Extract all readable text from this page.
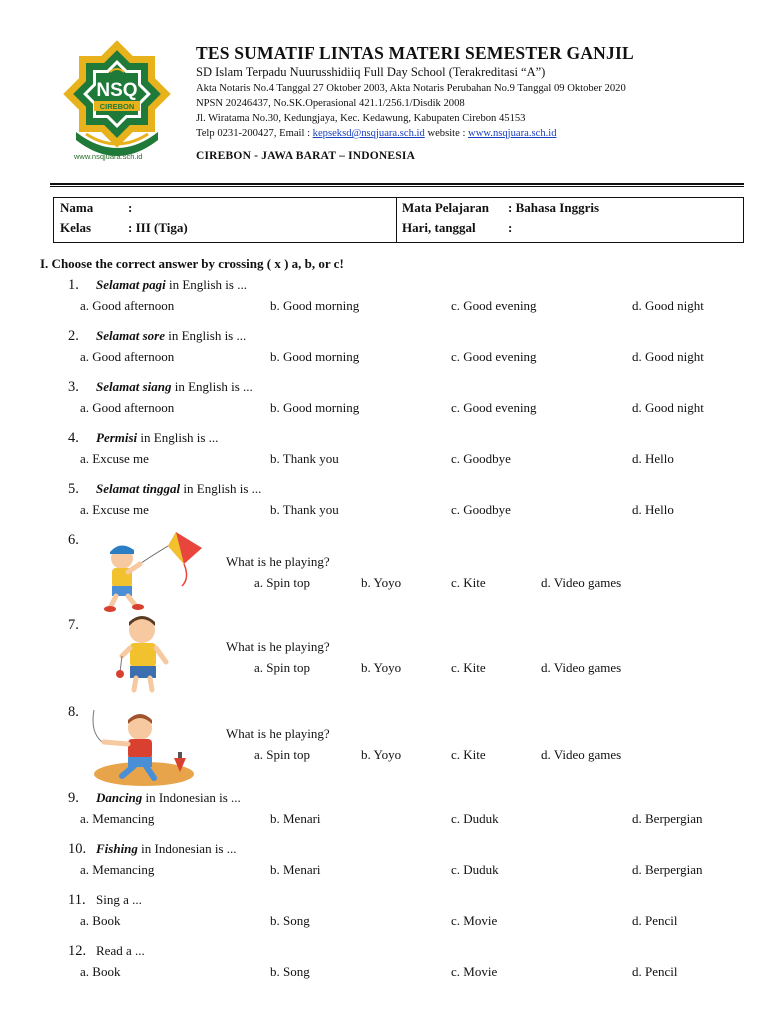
NSQ
CIREBON
www.nsqjuara.sch.id
TES SUMATIF LINTAS MATERI SEMESTER GANJIL
SD Islam Terpadu Nuurusshidiiq Full Day School (Terakreditasi “A”)
Akta Notaris No.4 Tanggal 27 Oktober 2003, Akta Notaris Perubahan No.9 Tanggal 09 Oktober 2020
NPSN 20246437, No.SK.Operasional 421.1/256.1/Disdik 2008
Jl. Wiratama No.30, Kedungjaya, Kec. Kedawung, Kabupaten Cirebon 45153
Telp 0231-200427, Email : kepseksd@nsqjuara.sch.id website : www.nsqjuara.sch.id
CIREBON - JAWA BARAT – INDONESIA
Nama	:
Kelas	: III (Tiga)
Mata Pelajaran : Bahasa Inggris
Hari, tanggal :
I. Choose the correct answer by crossing ( x ) a, b, or c!
1. Selamat pagi in English is ...
a. Good afternoon	b. Good morning	c. Good evening	d. Good night
2. Selamat sore in English is ...
a. Good afternoon	b. Good morning	c. Good evening	d. Good night
3. Selamat siang in English is ...
a. Good afternoon	b. Good morning	c. Good evening	d. Good night
4. Permisi in English is ...
a. Excuse me	b. Thank you	c. Goodbye	d. Hello
5. Selamat tinggal in English is ...
a. Excuse me	b. Thank you	c. Goodbye	d. Hello
6.
What is he playing?
a. Spin top	b. Yoyo	c. Kite	d. Video games
7.
What is he playing?
a. Spin top	b. Yoyo	c. Kite	d. Video games
8.
What is he playing?
a. Spin top	b. Yoyo	c. Kite	d. Video games
9. Dancing in Indonesian is ...
a. Memancing	b. Menari	c. Duduk	d. Berpergian
10. Fishing in Indonesian is ...
a. Memancing	b. Menari	c. Duduk	d. Berpergian
11. Sing a ...
a. Book	b. Song	c. Movie	d. Pencil
12. Read a ...
a. Book	b. Song	c. Movie	d. Pencil
